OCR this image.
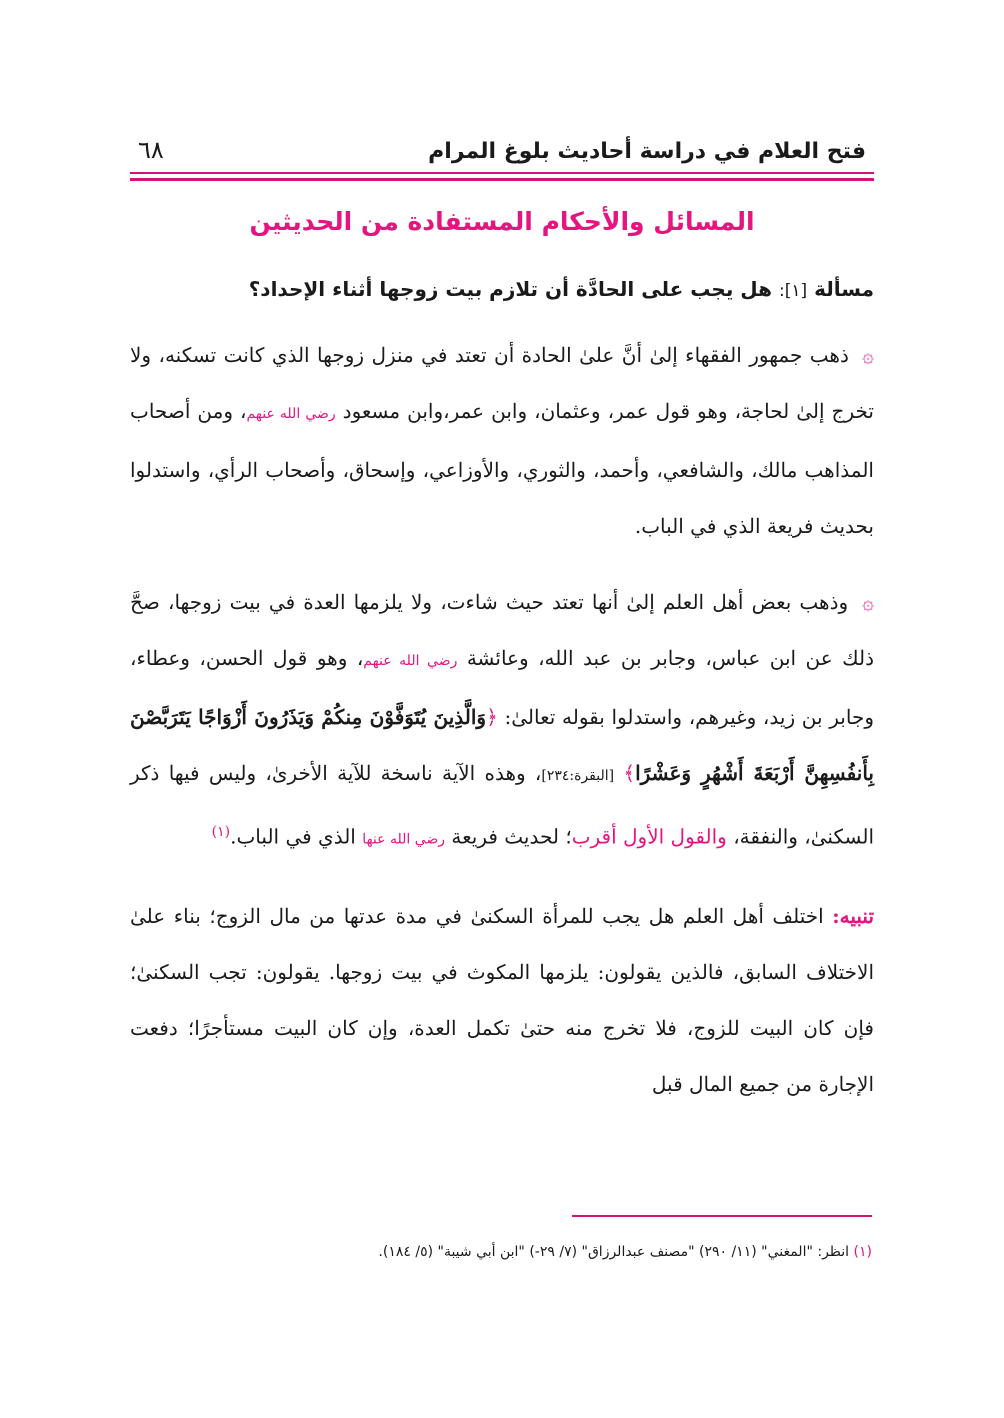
فتح العلام في دراسة أحاديث بلوغ المرام
٦٨
المسائل والأحكام المستفادة من الحديثين
مسألة [١]: هل يجب على الحادَّة أن تلازم بيت زوجها أثناء الإحداد؟

۞ ذهب جمهور الفقهاء إلىٰ أنَّ علىٰ الحادة أن تعتد في منزل زوجها الذي كانت تسكنه، ولا تخرج إلىٰ لحاجة، وهو قول عمر، وعثمان، وابن عمر،وابن مسعود رضي الله عنهم، ومن أصحاب المذاهب مالك، والشافعي، وأحمد، والثوري، والأوزاعي، وإسحاق، وأصحاب الرأي، واستدلوا بحديث فريعة الذي في الباب.

۞ وذهب بعض أهل العلم إلىٰ أنها تعتد حيث شاءت، ولا يلزمها العدة في بيت زوجها، صحَّ ذلك عن ابن عباس، وجابر بن عبد الله، وعائشة رضي الله عنهم، وهو قول الحسن، وعطاء، وجابر بن زيد، وغيرهم، واستدلوا بقوله تعالىٰ: ﴿وَالَّذِينَ يُتَوَفَّوْنَ مِنكُمْ وَيَذَرُونَ أَزْوَاجًا يَتَرَبَّصْنَ بِأَنفُسِهِنَّ أَرْبَعَةَ أَشْهُرٍ وَعَشْرًا﴾ [البقرة:٢٣٤]، وهذه الآية ناسخة للآية الأخرىٰ، وليس فيها ذكر السكنىٰ، والنفقة، والقول الأول أقرب؛ لحديث فريعة رضي الله عنها الذي في الباب.$^{(١)}$

تنبيه: اختلف أهل العلم هل يجب للمرأة السكنىٰ في مدة عدتها من مال الزوج؛ بناء علىٰ الاختلاف السابق، فالذين يقولون: يلزمها المكوث في بيت زوجها. يقولون: تجب السكنىٰ؛ فإن كان البيت للزوج، فلا تخرج منه حتىٰ تكمل العدة، وإن كان البيت مستأجرًا؛ دفعت الإجارة من جميع المال قبل

(١) انظر: "المغني" (١١/ ٢٩٠) "مصنف عبدالرزاق" (٧/ ٢٩-) "ابن أبي شيبة" (٥/ ١٨٤).
